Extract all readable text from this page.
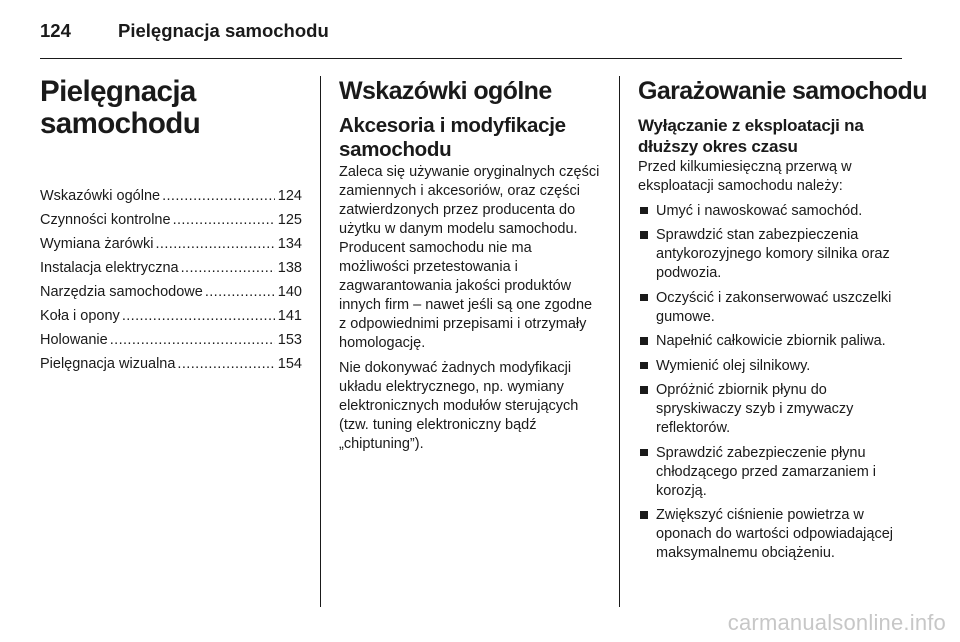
124	Pielęgnacja samochodu
Pielęgnacja
samochodu
Wskazówki ogólne .....	124
Czynności kontrolne .....	125
Wymiana żarówki .....	134
Instalacja elektryczna .....	138
Narzędzia samochodowe .....	140
Koła i opony .....	141
Holowanie .....	153
Pielęgnacja wizualna .....	154
Wskazówki ogólne
Akcesoria i modyfikacje samochodu

Zaleca się używanie oryginalnych części zamiennych i akcesoriów, oraz części zatwierdzonych przez producenta do użytku w danym modelu samochodu. Producent samochodu nie ma możliwości przetestowania i zagwarantowania jakości produktów innych firm – nawet jeśli są one zgodne z odpowiednimi przepisami i otrzymały homologację.

Nie dokonywać żadnych modyfikacji układu elektrycznego, np. wymiany elektronicznych modułów sterujących (tzw. tuning elektroniczny bądź „chiptuning”).

Garażowanie samochodu
Wyłączanie z eksploatacji na dłuższy okres czasu

Przed kilkumiesięczną przerwą w eksploatacji samochodu należy:

Umyć i nawoskować samochód.
Sprawdzić stan zabezpieczenia antykorozyjnego komory silnika oraz podwozia.
Oczyścić i zakonserwować uszczelki gumowe.
Napełnić całkowicie zbiornik paliwa.
Wymienić olej silnikowy.
Opróżnić zbiornik płynu do spryskiwaczy szyb i zmywaczy reflektorów.
Sprawdzić zabezpieczenie płynu chłodzącego przed zamarzaniem i korozją.
Zwiększyć ciśnienie powietrza w oponach do wartości odpowiadającej maksymalnemu obciążeniu.
carmanualsonline.info
